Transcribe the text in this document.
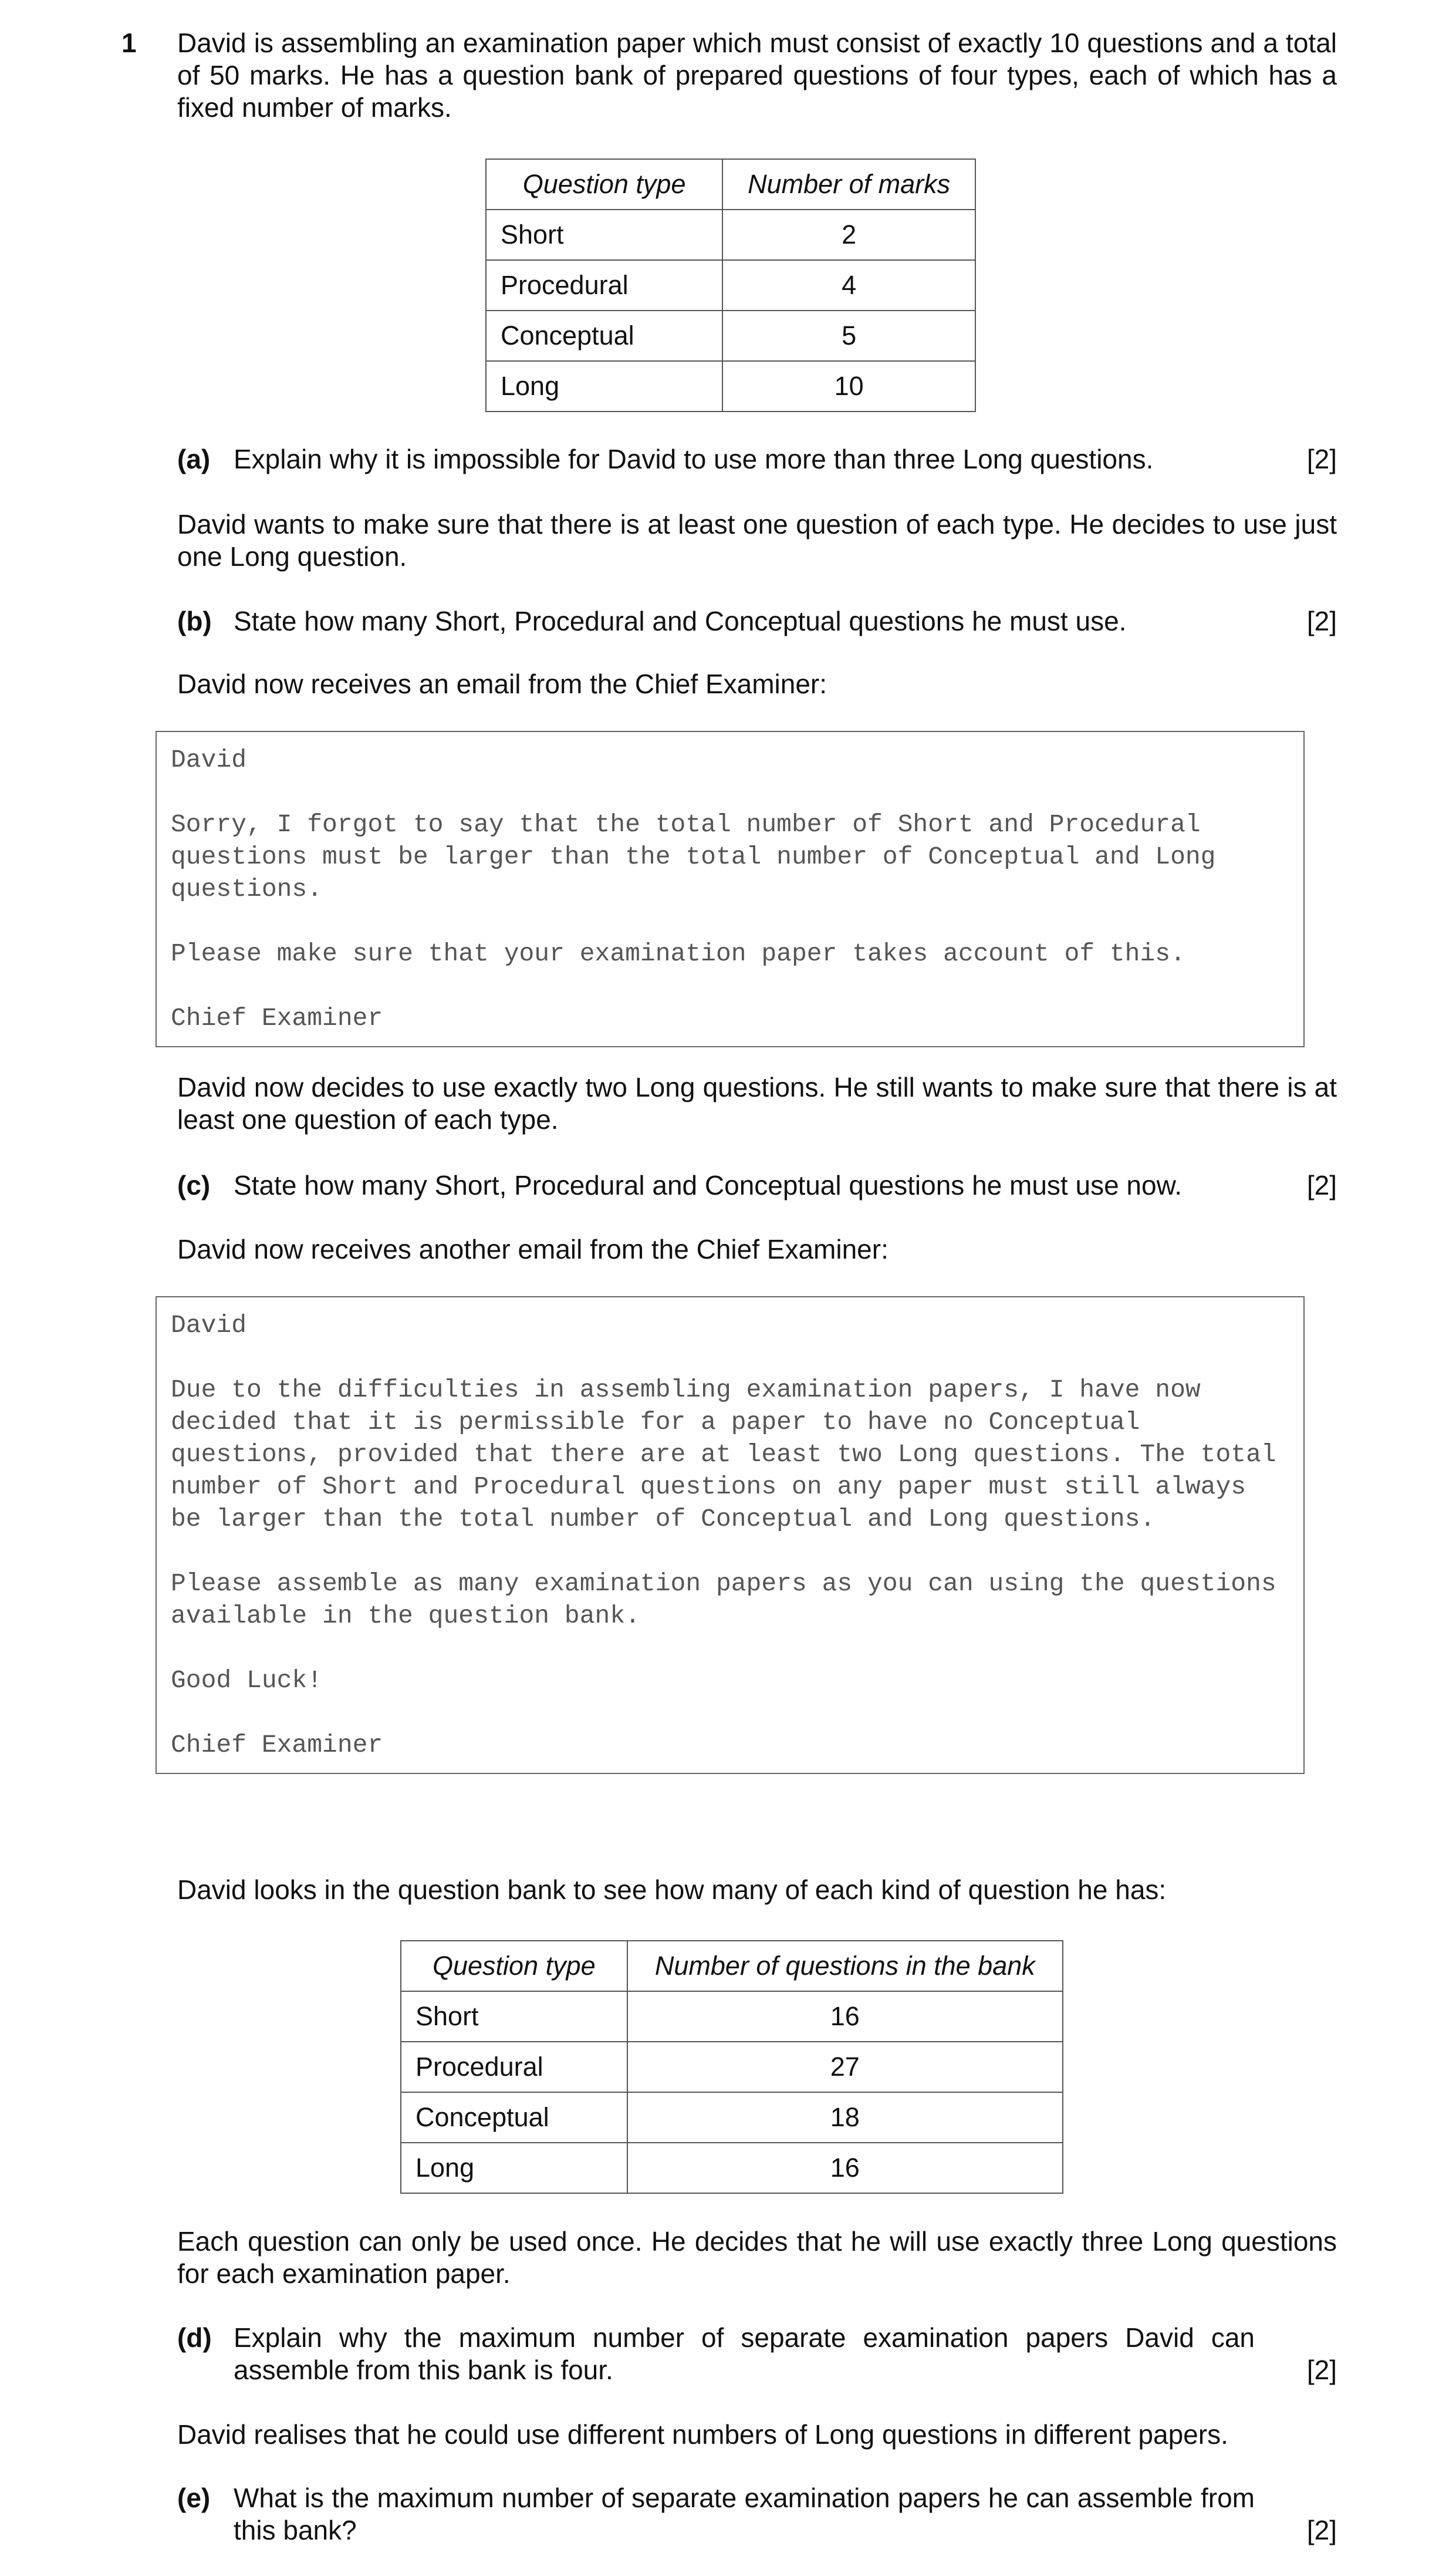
1 David is assembling an examination paper which must consist of exactly 10 questions and a total of 50 marks. He has a question bank of prepared questions of four types, each of which has a fixed number of marks.
Question type	Number of marks
Short	2
Procedural	4
Conceptual	5
Long	10
(a) Explain why it is impossible for David to use more than three Long questions.	[2]
David wants to make sure that there is at least one question of each type. He decides to use just one Long question.
(b) State how many Short, Procedural and Conceptual questions he must use.	[2]
David now receives an email from the Chief Examiner:

David

Sorry, I forgot to say that the total number of Short and Procedural questions must be larger than the total number of Conceptual and Long questions.

Please make sure that your examination paper takes account of this.

Chief Examiner

David now decides to use exactly two Long questions. He still wants to make sure that there is at least one question of each type.
(c) State how many Short, Procedural and Conceptual questions he must use now.	[2]
David now receives another email from the Chief Examiner:

David

Due to the difficulties in assembling examination papers, I have now decided that it is permissible for a paper to have no Conceptual questions, provided that there are at least two Long questions. The total number of Short and Procedural questions on any paper must still always be larger than the total number of Conceptual and Long questions.

Please assemble as many examination papers as you can using the questions available in the question bank.

Good Luck!

Chief Examiner

David looks in the question bank to see how many of each kind of question he has:
Question type	Number of questions in the bank
Short	16
Procedural	27
Conceptual	18
Long	16
Each question can only be used once. He decides that he will use exactly three Long questions for each examination paper.
(d) Explain why the maximum number of separate examination papers David can assemble from this bank is four.	[2]
David realises that he could use different numbers of Long questions in different papers.
(e) What is the maximum number of separate examination papers he can assemble from this bank?	[2]
